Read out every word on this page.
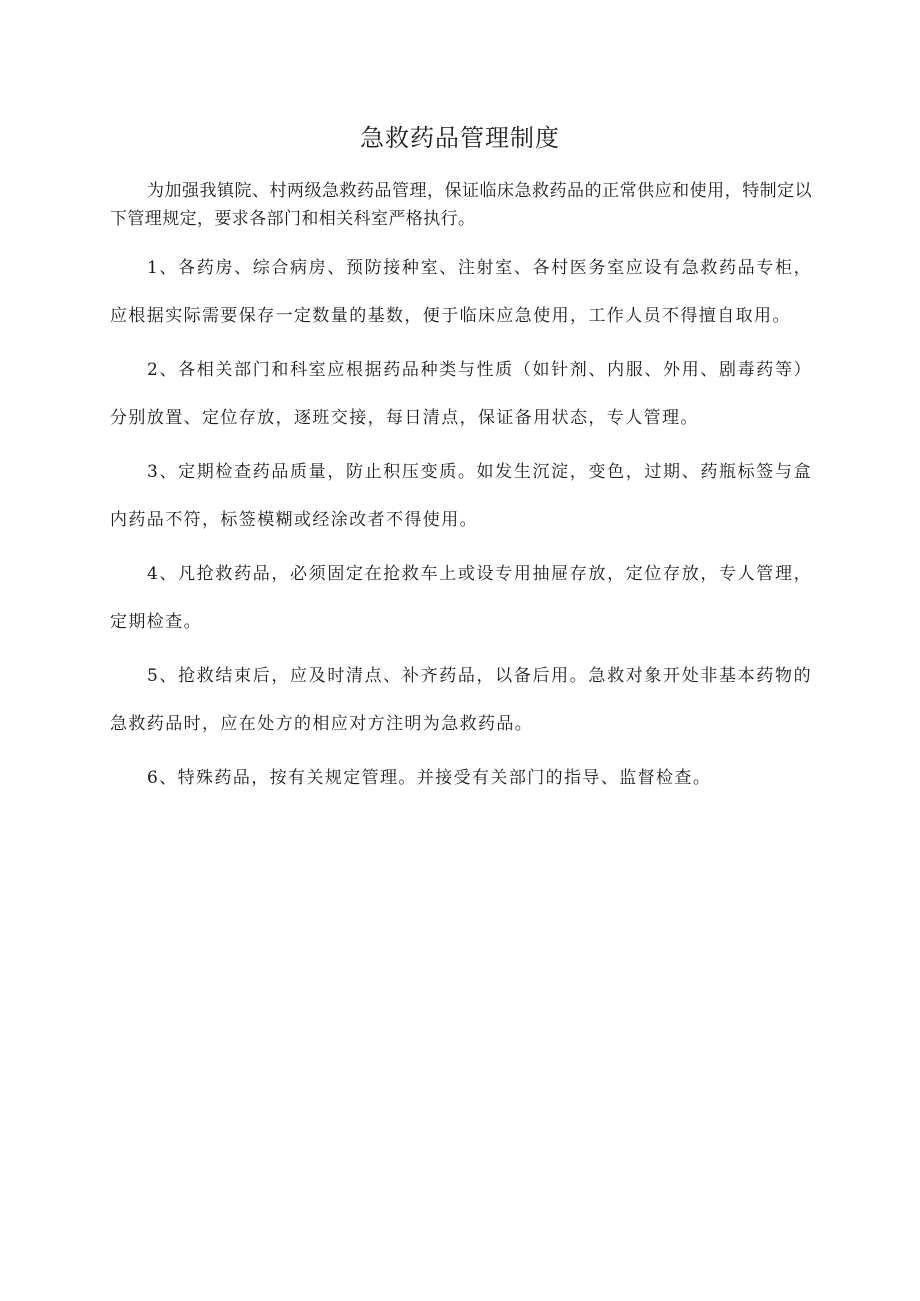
急救药品管理制度

为加强我镇院、村两级急救药品管理，保证临床急救药品的正常供应和使用，特制定以下管理规定，要求各部门和相关科室严格执行。

1、各药房、综合病房、预防接种室、注射室、各村医务室应设有急救药品专柜，应根据实际需要保存一定数量的基数，便于临床应急使用，工作人员不得擅自取用。

2、各相关部门和科室应根据药品种类与性质（如针剂、内服、外用、剧毒药等）分别放置、定位存放，逐班交接，每日清点，保证备用状态，专人管理。

3、定期检查药品质量，防止积压变质。如发生沉淀，变色，过期、药瓶标签与盒内药品不符，标签模糊或经涂改者不得使用。

4、凡抢救药品，必须固定在抢救车上或设专用抽屉存放，定位存放，专人管理，定期检查。

5、抢救结束后，应及时清点、补齐药品，以备后用。急救对象开处非基本药物的急救药品时，应在处方的相应对方注明为急救药品。

6、特殊药品，按有关规定管理。并接受有关部门的指导、监督检查。
